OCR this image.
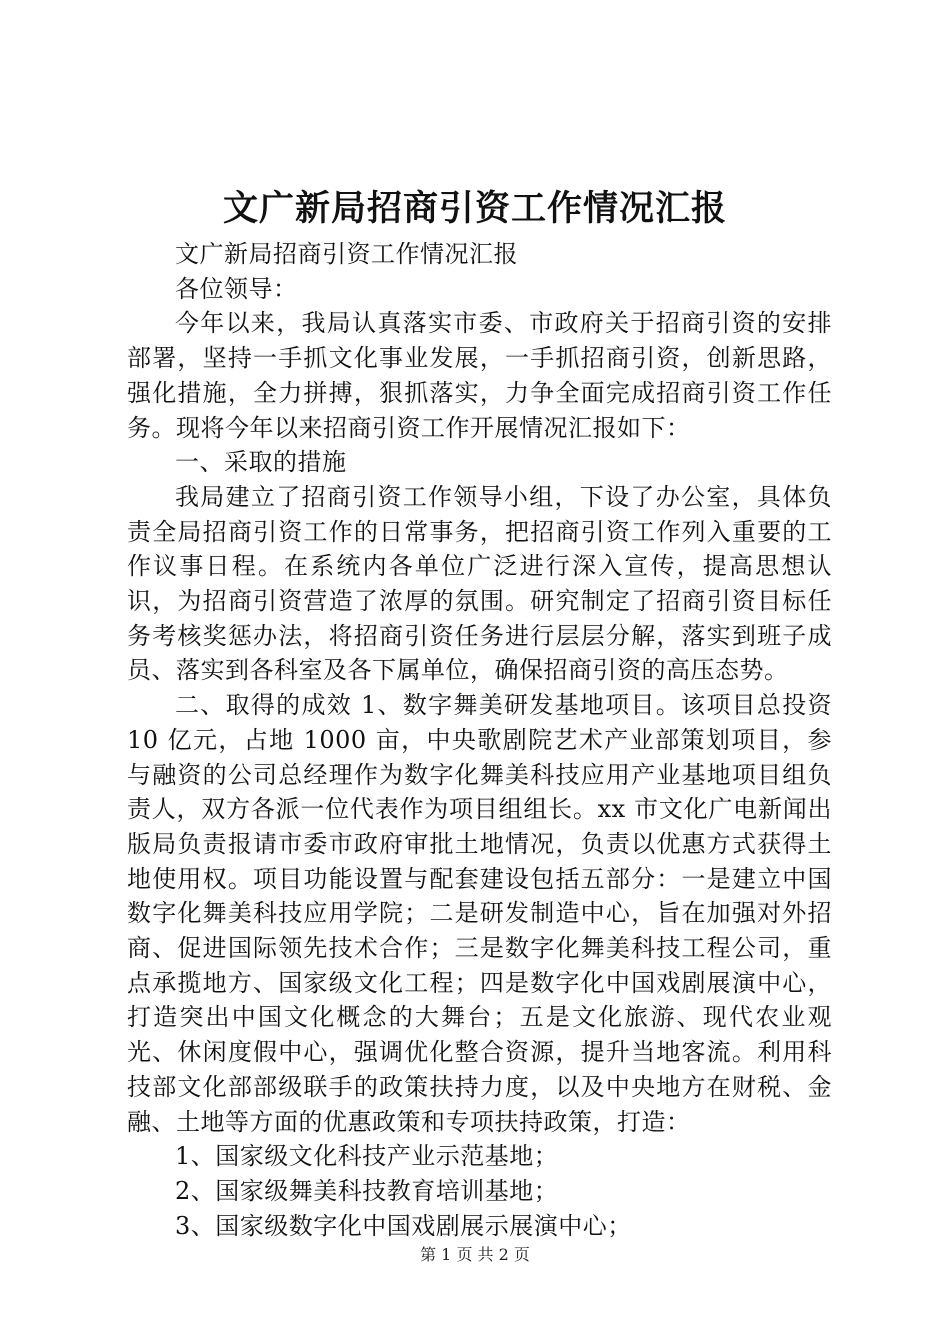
文广新局招商引资工作情况汇报

文广新局招商引资工作情况汇报

各位领导：

今年以来，我局认真落实市委、市政府关于招商引资的安排部署，坚持一手抓文化事业发展，一手抓招商引资，创新思路，强化措施，全力拼搏，狠抓落实，力争全面完成招商引资工作任务。现将今年以来招商引资工作开展情况汇报如下：

一、采取的措施

我局建立了招商引资工作领导小组，下设了办公室，具体负责全局招商引资工作的日常事务，把招商引资工作列入重要的工作议事日程。在系统内各单位广泛进行深入宣传，提高思想认识，为招商引资营造了浓厚的氛围。研究制定了招商引资目标任务考核奖惩办法，将招商引资任务进行层层分解，落实到班子成员、落实到各科室及各下属单位，确保招商引资的高压态势。

二、取得的成效 1、数字舞美研发基地项目。该项目总投资 10 亿元，占地 1000 亩，中央歌剧院艺术产业部策划项目，参与融资的公司总经理作为数字化舞美科技应用产业基地项目组负责人，双方各派一位代表作为项目组组长。xx 市文化广电新闻出版局负责报请市委市政府审批土地情况，负责以优惠方式获得土地使用权。项目功能设置与配套建设包括五部分：一是建立中国数字化舞美科技应用学院；二是研发制造中心，旨在加强对外招商、促进国际领先技术合作；三是数字化舞美科技工程公司，重点承揽地方、国家级文化工程；四是数字化中国戏剧展演中心，打造突出中国文化概念的大舞台；五是文化旅游、现代农业观光、休闲度假中心，强调优化整合资源，提升当地客流。利用科技部文化部部级联手的政策扶持力度，以及中央地方在财税、金融、土地等方面的优惠政策和专项扶持政策，打造：

1、国家级文化科技产业示范基地；

2、国家级舞美科技教育培训基地；

3、国家级数字化中国戏剧展示展演中心；

第 1 页 共 2 页
